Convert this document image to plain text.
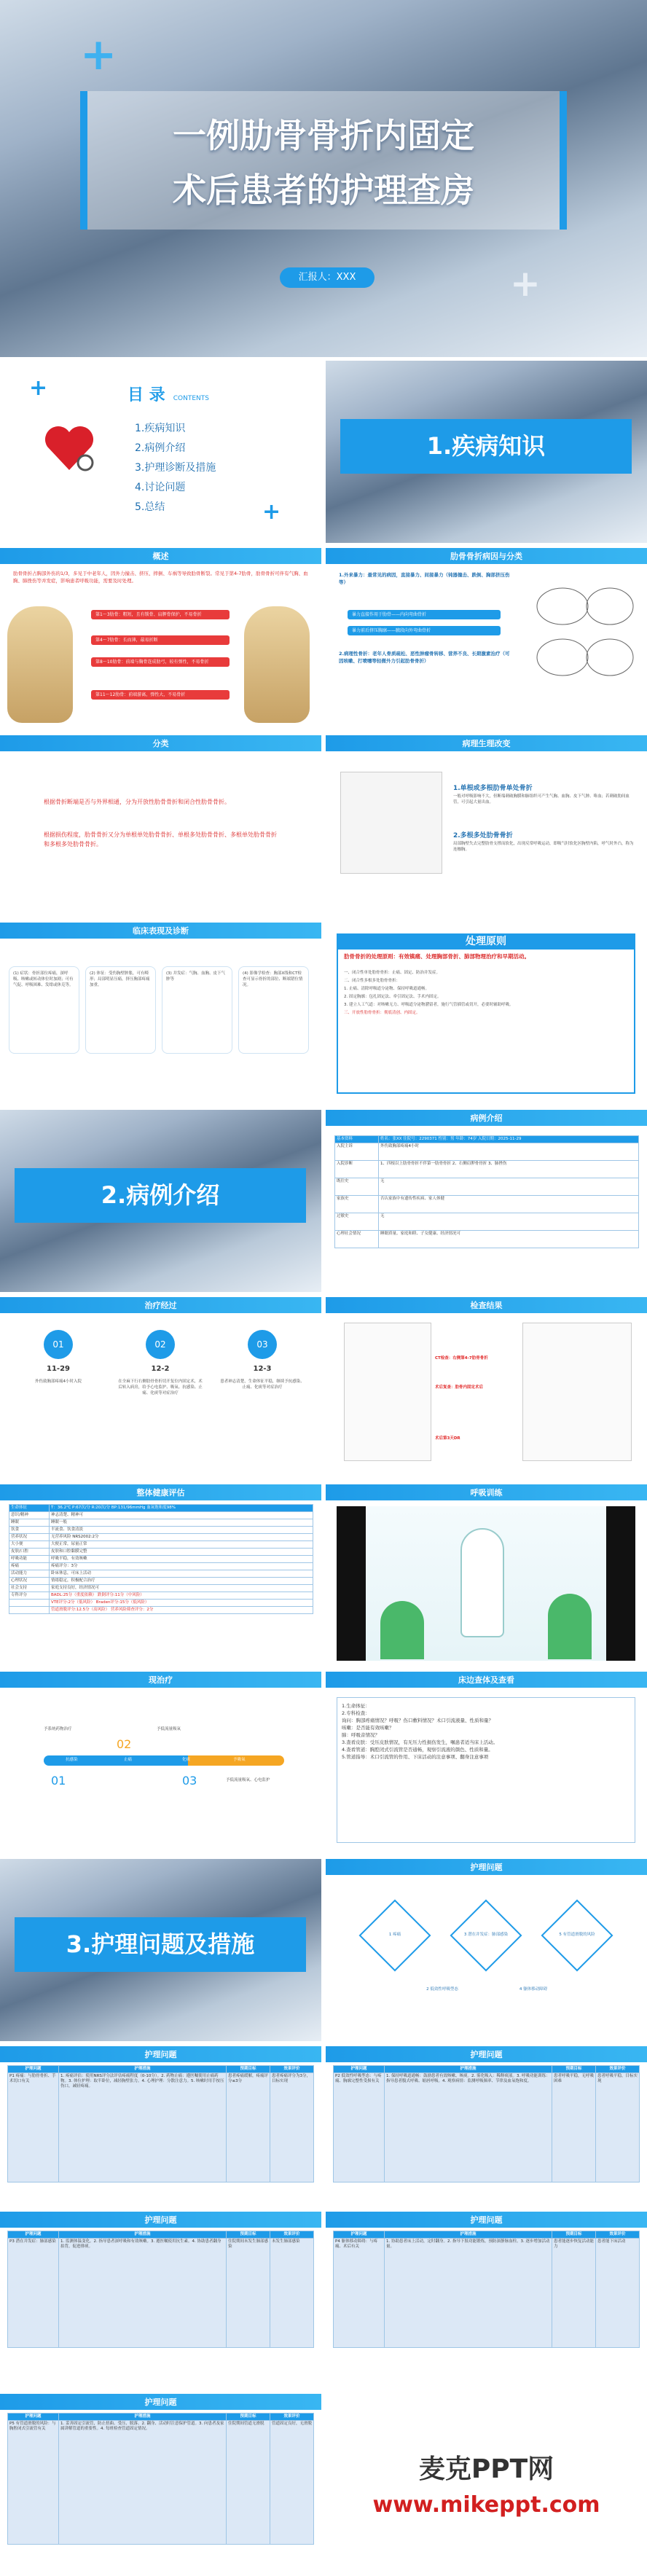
+
+
一例肋骨骨折内固定
术后患者的护理查房
汇报人：XXX
+
+
目 录 CONTENTS
1.疾病知识
2.病例介绍
3.护理诊断及措施
4.讨论问题
5.总结
1.疾病知识
概述
肋骨骨折占胸部外伤的1/3，多见于中老年人，因外力撞击、挤压、摔倒、车祸等导致肋骨断裂。常见于第4-7肋骨，肋骨骨折可伴有气胸、血胸、肺挫伤等并发症，影响患者呼吸功能，需要及时处理。
第1～3肋骨：粗短，且有锁骨、肩胛骨保护，不易骨折
第4～7肋骨：长而薄，最易折断
第8～10肋骨：前端与胸骨连成肋弓，较有弹性，不易骨折
第11～12肋骨：前端游离，弹性大，不易骨折
肋骨骨折病因与分类
1.外来暴力：最常见的病因，直接暴力、间接暴力（钝器撞击、跌倒、胸部挤压伤等）
暴力直接作用于肋骨——内向弯曲骨折
暴力前后挤压胸廓——腋段向外弯曲骨折
2.病理性骨折：老年人骨质疏松、恶性肿瘤骨转移、营养不良、长期激素治疗（可因咳嗽、打喷嚏等轻微外力引起肋骨骨折）
分类
根据骨折断端是否与外界相通，分为开放性肋骨骨折和闭合性肋骨骨折。
根据损伤程度，肋骨骨折又分为单根单处肋骨骨折、单根多处肋骨骨折、多根单处肋骨骨折和多根多处肋骨骨折。
病理生理改变
1.单根或多根肋骨单处骨折
一般对呼吸影响不大，但断端刺破胸膜和肺组织可产生气胸、血胸、皮下气肿、咯血；若刺破肋间血管，可引起大量出血。
2.多根多处肋骨骨折
局部胸壁失去完整肋骨支撑而软化，出现反常呼吸运动，即吸气时软化区胸壁内陷，呼气时外凸，称为连枷胸。
临床表现及诊断
(1) 症状：骨折部位疼痛，深呼吸、咳嗽或转动体位时加剧；可有气促、呼吸困难、发绀或休克等。
(2) 体征：受伤胸壁肿胀，可有畸形；局部明显压痛，挤压胸部疼痛加重。
(3) 并发症：气胸、血胸、皮下气肿等
(4) 影像学检查：胸部X线和CT检查可显示骨折的部位、断端错位情况。
处理原则
肋骨骨折的处理原则：有效镇痛、处理胸部骨折、肺部物理治疗和早期活动。
一、闭合性单处肋骨骨折：止痛、固定、防治并发症。
二、闭合性多根多处肋骨骨折：
1. 止痛、清除呼吸道分泌物、保持呼吸道通畅。
2. 固定胸廓：包扎固定法、牵引固定法、手术内固定。
3. 建立人工气道：对咳嗽无力、呼吸道分泌物潴留者，施行气管插管或切开，必要时辅助呼吸。
三、开放性肋骨骨折：彻底清创、内固定。
2.病例介绍
病例介绍
基本资料	姓名：张XX 住院号：2290371 性别：男 年龄：74岁 入院日期：2025-11-29
入院主诉	外伤致胸部疼痛4小时
入院诊断	1、四根以上肋骨骨折不伴第一肋骨骨折 2、右侧肩胛骨骨折 3、肺挫伤
既往史	无
家族史	否认家族中有遗传性疾病、家人体健
过敏史	无
心理社会情况	睡眠质量、家庭和睦、子女健康、经济情况可
治疗经过
01
11-29
外伤致胸部疼痛4小时入院
02
12-2
在全麻下行右侧肋骨骨折切开复位内固定术，术后转入病房，给予心电监护、吸氧、抗感染、止痛、化痰等对症治疗
03
12-3
患者神志清楚，生命体征平稳，继续予抗感染、止痛、化痰等对症治疗
检查结果
CT检查：右侧第4-7肋骨骨折
术后复查：肋骨内固定术后
术后第3天DR
整体健康评估
生命体征	T：36.2℃ P:67次/分 R:20次/分 BP:131/96mmHg 血氧饱和度98%
意识/精神	神志清楚、精神可
睡眠	睡眠一般
饮食	半流食、饮食清淡
营养状况	无营养风险 NRS2002:2分
大小便	大便正常，尿量正常
皮肤/口腔	皮肤和口腔黏膜完整
呼吸功能	呼吸平稳，有效咳嗽
疼痛	疼痛评分：3分
活动能力	卧床休息，可床上活动
心理状况	情绪稳定，积极配合治疗
社会支持	家庭支持良好，经济情况可
专科评分	BADL:25分（重度依赖） 跌倒评分:11分（中风险）
	VTE评分:2分（低风险） Braden评分:15分（低风险）
	管道滑脱评分:12.5分（高风险） 营养风险筛查评分：2分
呼吸训练
现治疗
抗感染	止痛	化痰	予吸氧
01
02
03
予系统药物治疗	予低流量吸氧
予低流量吸氧、心电监护
床边查体及查看
1.生命体征：
2.专科检查：
询问：胸部疼痛情况？呼吸？伤口敷料情况？术口引流液量、性质和量？
咳嗽：是否能有效咳嗽？
肺：呼吸音情况？
3.查看皮肤：受压皮肤情况，有无压力性损伤发生，嘱患者适当床上活动。
4.查看管道：胸腔闭式引流管是否通畅，观察引流液的颜色、性质和量。
5.管道指导：术口引流管的作用、下床活动的注意事项、翻身注意事项
3.护理问题及措施
护理问题
1 疼痛
2 低效性呼吸型态
3 潜在并发症：肺部感染
4 躯体移动障碍
5 有管道滑脱的风险
护理问题
护理问题	护理措施	预期目标	效果评价
P1 疼痛：与肋骨骨折、手术切口有关	1. 疼痛评估：使用NRS评分法评估疼痛程度（0-10分）。2. 药物止痛：遵医嘱使用止痛药物。3. 体位护理：取半卧位，减轻胸壁张力。4. 心理护理：分散注意力。5. 咳嗽时用手按压伤口，减轻疼痛。	患者疼痛缓解，疼痛评分≤3分	患者疼痛评分为3分，目标实现
护理问题
护理问题	护理措施	预期目标	效果评价
P2 低效性呼吸型态：与疼痛、胸廓完整性受损有关	1. 保持呼吸道通畅：鼓励患者有效咳嗽、咳痰。2. 雾化吸入：稀释痰液。3. 呼吸功能训练：指导患者腹式呼吸、缩唇呼吸。4. 观察病情：监测呼吸频率、节律及血氧饱和度。	患者呼吸平稳，无呼吸困难	患者呼吸平稳，目标实现
护理问题
护理问题	护理措施	预期目标	效果评价
P3 潜在并发症：肺部感染	1. 监测体温变化。2. 指导患者深呼吸和有效咳嗽。3. 遵医嘱使用抗生素。4. 协助患者翻身拍背，促进排痰。	住院期间未发生肺部感染	未发生肺部感染
护理问题
护理问题	护理措施	预期目标	效果评价
P4 躯体移动障碍：与疼痛、术后有关	1. 协助患者床上活动，定时翻身。2. 指导下肢功能锻炼，预防深静脉血栓。3. 逐步增加活动量。	患者能逐步恢复活动能力	患者能下床活动
护理问题
护理问题	护理措施	预期目标	效果评价
P5 有管道滑脱的风险：与胸腔闭式引流管有关	1. 妥善固定引流管，防止扭曲、受压、脱落。2. 翻身、活动时注意保护管道。3. 向患者及家属讲解管道的重要性。4. 每班检查管道固定情况。	住院期间管道无滑脱	管道固定良好，无滑脱
麦克PPT网
www.mikeppt.com
